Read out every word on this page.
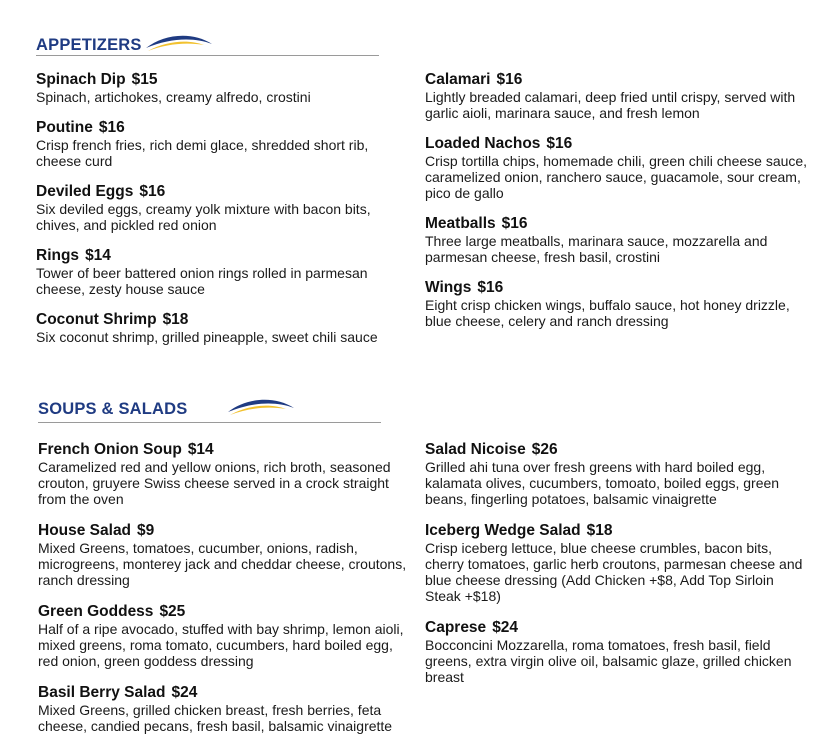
APPETIZERS
Spinach Dip $15
Spinach, artichokes, creamy alfredo, crostini
Poutine $16
Crisp french fries, rich demi glace, shredded short rib, cheese curd
Deviled Eggs $16
Six deviled eggs, creamy yolk mixture with bacon bits, chives, and pickled red onion
Rings $14
Tower of beer battered onion rings rolled in parmesan cheese, zesty house sauce
Coconut Shrimp $18
Six coconut shrimp, grilled pineapple, sweet chili sauce
Calamari $16
Lightly breaded calamari, deep fried until crispy, served with garlic aioli, marinara sauce, and fresh lemon
Loaded Nachos $16
Crisp tortilla chips, homemade chili, green chili cheese sauce, caramelized onion, ranchero sauce, guacamole, sour cream, pico de gallo
Meatballs $16
Three large meatballs, marinara sauce, mozzarella and parmesan cheese, fresh basil, crostini
Wings $16
Eight crisp chicken wings, buffalo sauce, hot honey drizzle, blue cheese, celery and ranch dressing
SOUPS & SALADS
French Onion Soup $14
Caramelized red and yellow onions, rich broth, seasoned crouton, gruyere Swiss cheese served in a crock straight from the oven
House Salad $9
Mixed Greens, tomatoes, cucumber, onions, radish, microgreens, monterey jack and cheddar cheese, croutons, ranch dressing
Green Goddess $25
Half of a ripe avocado, stuffed with bay shrimp, lemon aioli, mixed greens, roma tomato, cucumbers, hard boiled egg, red onion, green goddess dressing
Basil Berry Salad $24
Mixed Greens, grilled chicken breast, fresh berries, feta cheese, candied pecans, fresh basil, balsamic vinaigrette
Salad Nicoise $26
Grilled ahi tuna over fresh greens with hard boiled egg, kalamata olives, cucumbers, tomoato, boiled eggs, green beans, fingerling potatoes, balsamic vinaigrette
Iceberg Wedge Salad $18
Crisp iceberg lettuce, blue cheese crumbles, bacon bits, cherry tomatoes, garlic herb croutons, parmesan cheese and blue cheese dressing (Add Chicken +$8, Add Top Sirloin Steak +$18)
Caprese $24
Bocconcini Mozzarella, roma tomatoes, fresh basil, field greens, extra virgin olive oil, balsamic glaze, grilled chicken breast
